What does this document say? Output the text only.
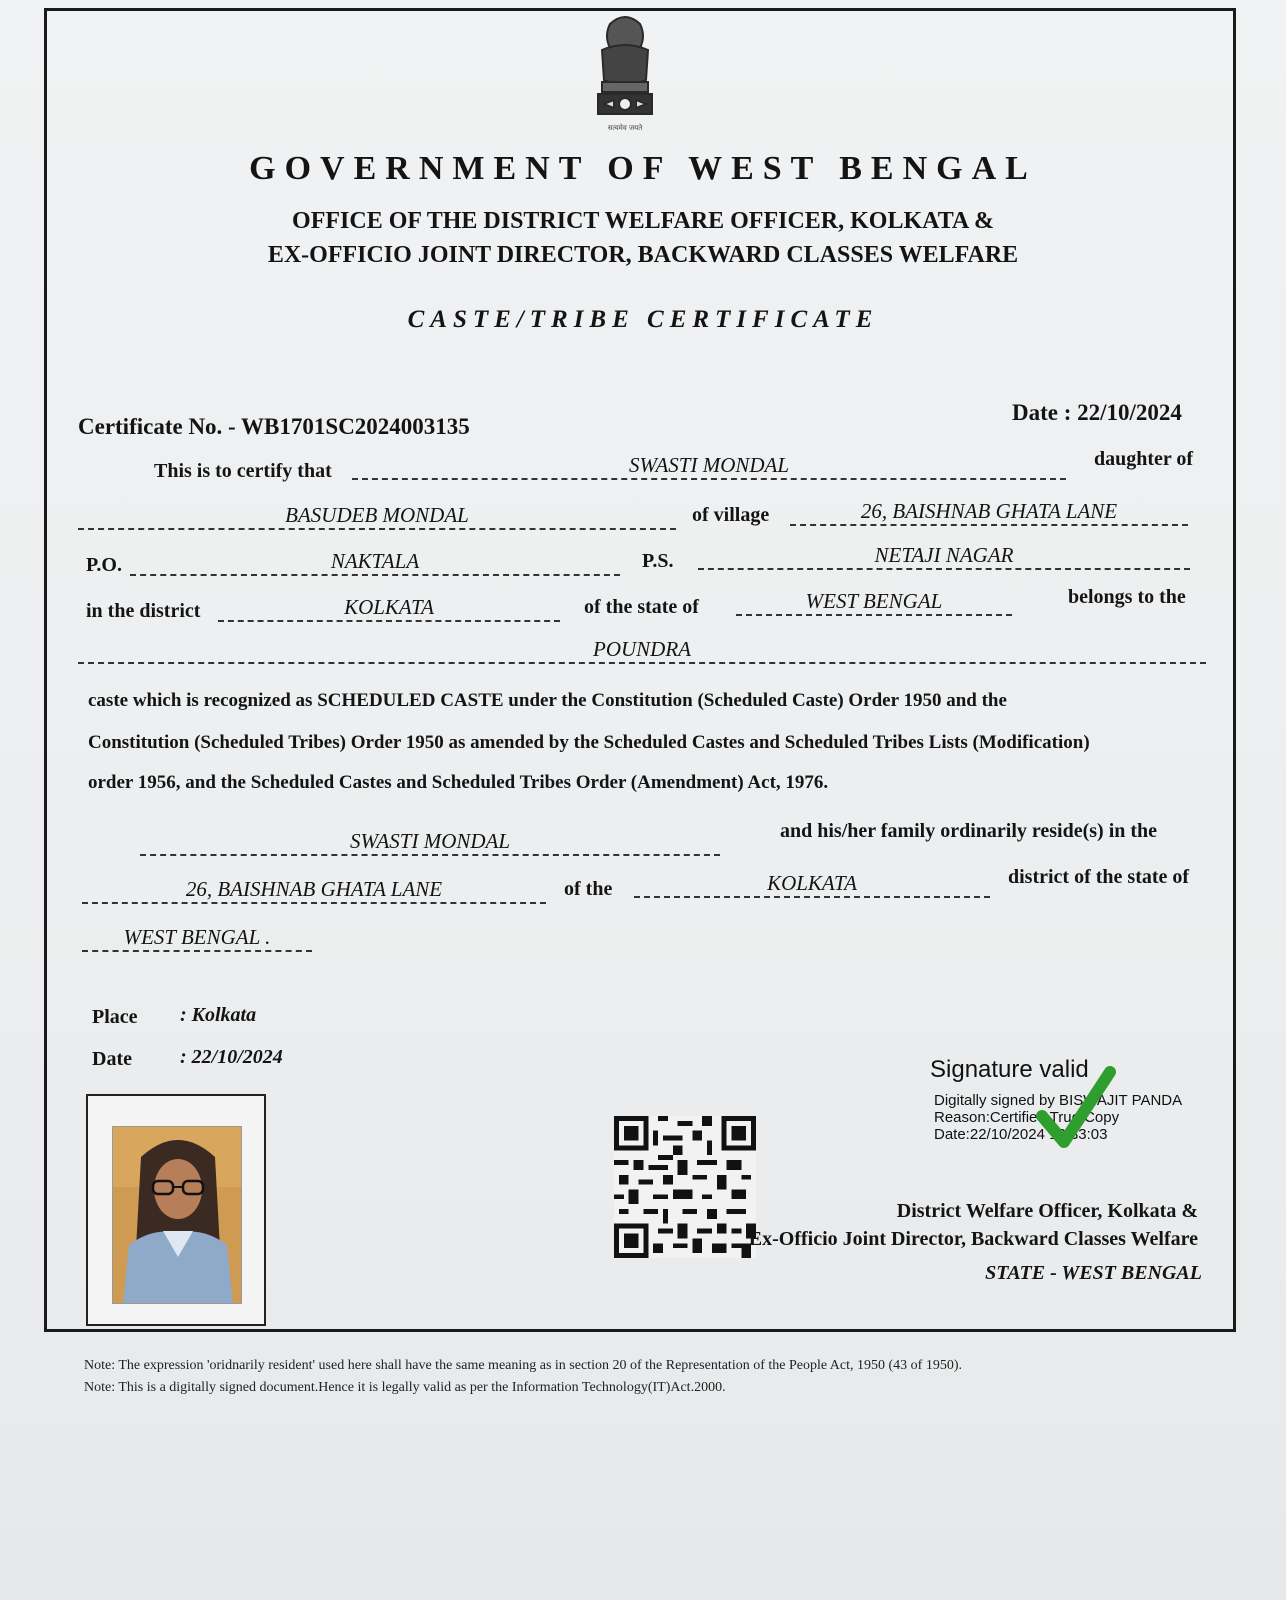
सत्यमेव जयते
GOVERNMENT OF WEST BENGAL
OFFICE OF THE DISTRICT WELFARE OFFICER, KOLKATA &
EX-OFFICIO JOINT DIRECTOR, BACKWARD CLASSES WELFARE
CASTE/TRIBE CERTIFICATE
Certificate No. - WB1701SC2024003135
Date : 22/10/2024
This is to certify that	SWASTI MONDAL	daughter of
BASUDEB MONDAL	of village	26, BAISHNAB GHATA LANE
P.O.	NAKTALA	P.S.	NETAJI NAGAR
in the district	KOLKATA	of the state of	WEST BENGAL	belongs to the
POUNDRA
caste which is recognized as SCHEDULED CASTE under the Constitution (Scheduled Caste) Order 1950 and the
Constitution (Scheduled Tribes) Order 1950 as amended by the Scheduled Castes and Scheduled Tribes Lists (Modification)
order 1956, and the Scheduled Castes and Scheduled Tribes Order (Amendment) Act, 1976.
SWASTI MONDAL	and his/her family ordinarily reside(s) in the
26, BAISHNAB GHATA LANE	of the	KOLKATA	district of the state of
WEST BENGAL .
Place : Kolkata
Date : 22/10/2024	Signature valid
Digitally signed by BISWAJIT PANDA
Reason:Certified True Copy
Date:22/10/2024 12:33:03
District Welfare Officer, Kolkata &
Ex-Officio Joint Director, Backward Classes Welfare
STATE - WEST BENGAL
Note: The expression 'oridnarily resident' used here shall have the same meaning as in section 20 of the Representation of the People Act, 1950 (43 of 1950).
Note: This is a digitally signed document.Hence it is legally valid as per the Information Technology(IT)Act.2000.
